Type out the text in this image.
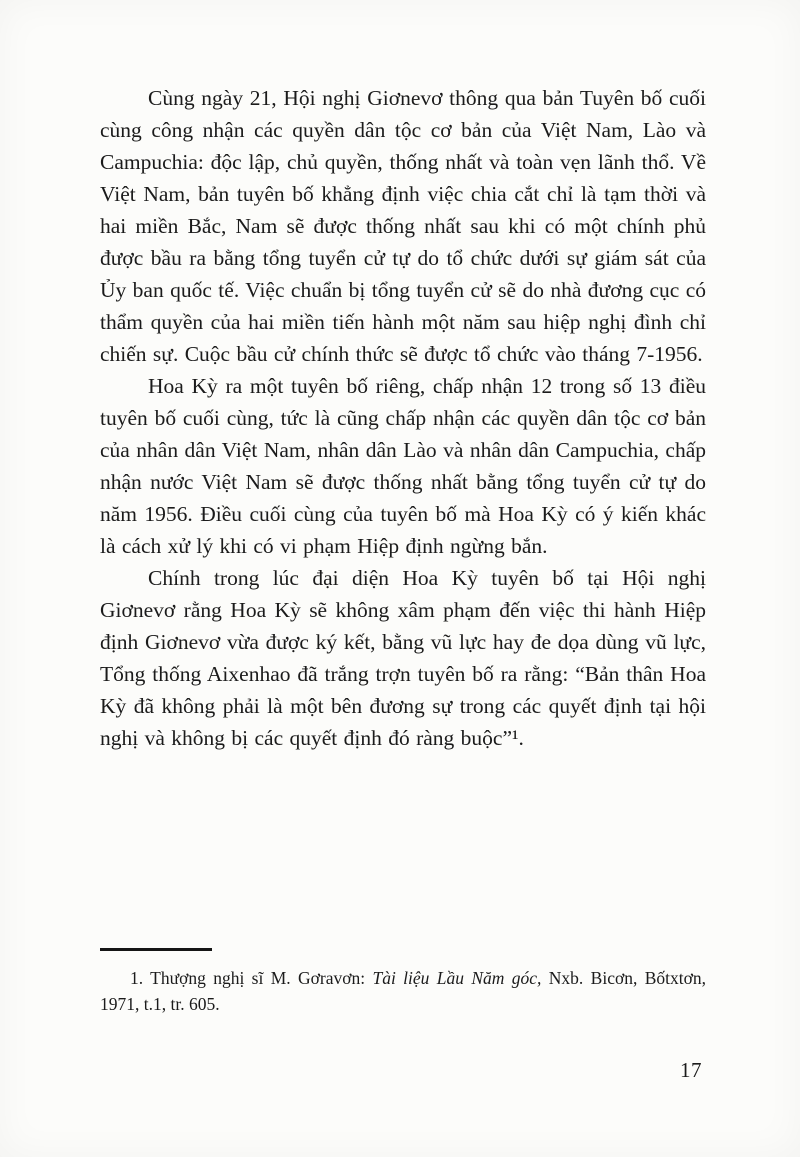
Cùng ngày 21, Hội nghị Giơnevơ thông qua bản Tuyên bố cuối cùng công nhận các quyền dân tộc cơ bản của Việt Nam, Lào và Campuchia: độc lập, chủ quyền, thống nhất và toàn vẹn lãnh thổ. Về Việt Nam, bản tuyên bố khẳng định việc chia cắt chỉ là tạm thời và hai miền Bắc, Nam sẽ được thống nhất sau khi có một chính phủ được bầu ra bằng tổng tuyển cử tự do tổ chức dưới sự giám sát của Ủy ban quốc tế. Việc chuẩn bị tổng tuyển cử sẽ do nhà đương cục có thẩm quyền của hai miền tiến hành một năm sau hiệp nghị đình chỉ chiến sự. Cuộc bầu cử chính thức sẽ được tổ chức vào tháng 7-1956.

Hoa Kỳ ra một tuyên bố riêng, chấp nhận 12 trong số 13 điều tuyên bố cuối cùng, tức là cũng chấp nhận các quyền dân tộc cơ bản của nhân dân Việt Nam, nhân dân Lào và nhân dân Campuchia, chấp nhận nước Việt Nam sẽ được thống nhất bằng tổng tuyển cử tự do năm 1956. Điều cuối cùng của tuyên bố mà Hoa Kỳ có ý kiến khác là cách xử lý khi có vi phạm Hiệp định ngừng bắn.

Chính trong lúc đại diện Hoa Kỳ tuyên bố tại Hội nghị Giơnevơ rằng Hoa Kỳ sẽ không xâm phạm đến việc thi hành Hiệp định Giơnevơ vừa được ký kết, bằng vũ lực hay đe dọa dùng vũ lực, Tổng thống Aixenhao đã trắng trợn tuyên bố ra rằng: “Bản thân Hoa Kỳ đã không phải là một bên đương sự trong các quyết định tại hội nghị và không bị các quyết định đó ràng buộc”¹.

1. Thượng nghị sĩ M. Gơravơn: Tài liệu Lầu Năm góc, Nxb. Bicơn, Bốtxtơn, 1971, t.1, tr. 605.

17
